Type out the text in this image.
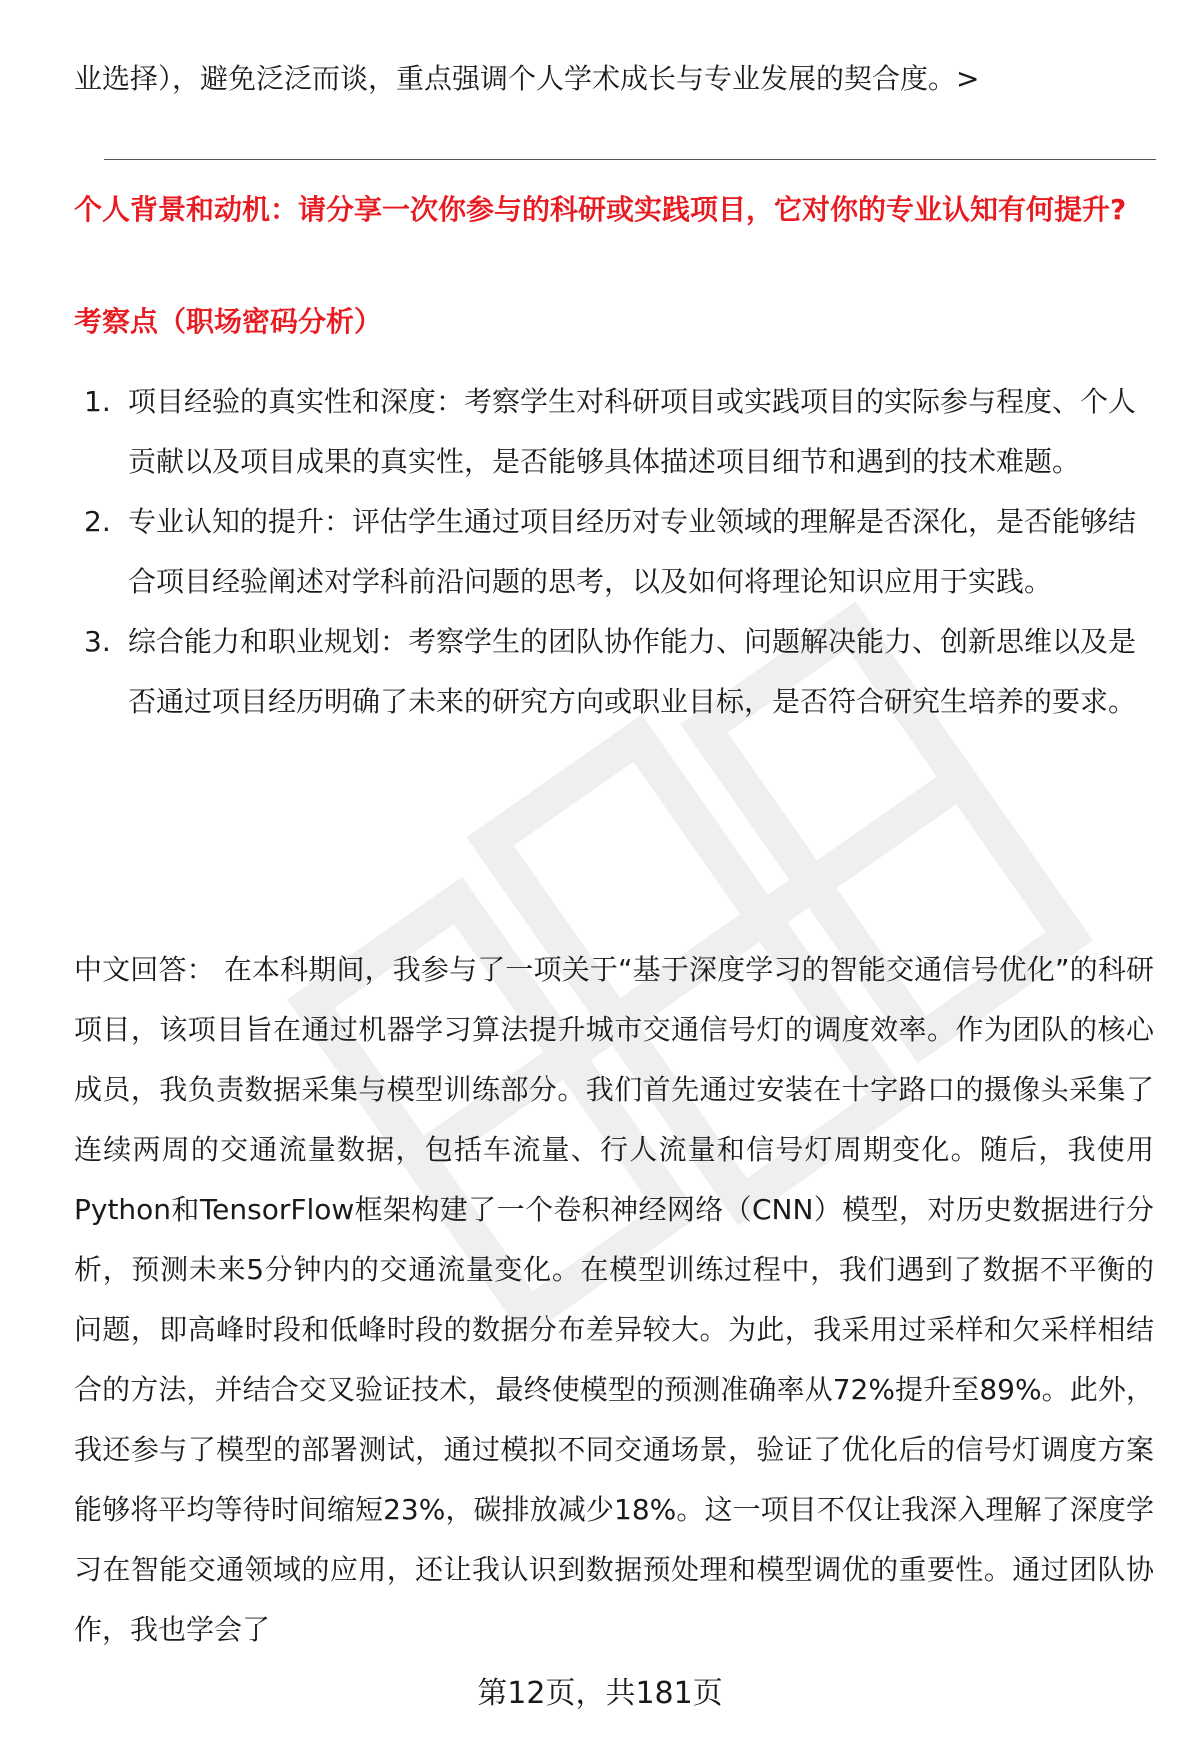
业选择），避免泛泛而谈，重点强调个人学术成长与专业发展的契合度。>
个人背景和动机：请分享一次你参与的科研或实践项目，它对你的专业认知有何提升?
考察点（职场密码分析）
1. 项目经验的真实性和深度：考察学生对科研项目或实践项目的实际参与程度、个人贡献以及项目成果的真实性，是否能够具体描述项目细节和遇到的技术难题。
2. 专业认知的提升：评估学生通过项目经历对专业领域的理解是否深化，是否能够结合项目经验阐述对学科前沿问题的思考，以及如何将理论知识应用于实践。
3. 综合能力和职业规划：考察学生的团队协作能力、问题解决能力、创新思维以及是否通过项目经历明确了未来的研究方向或职业目标，是否符合研究生培养的要求。
中文回答： 在本科期间，我参与了一项关于“基于深度学习的智能交通信号优化”的科研项目，该项目旨在通过机器学习算法提升城市交通信号灯的调度效率。作为团队的核心成员，我负责数据采集与模型训练部分。我们首先通过安装在十字路口的摄像头采集了连续两周的交通流量数据，包括车流量、行人流量和信号灯周期变化。随后，我使用Python和TensorFlow框架构建了一个卷积神经网络（CNN）模型，对历史数据进行分析，预测未来5分钟内的交通流量变化。在模型训练过程中，我们遇到了数据不平衡的问题，即高峰时段和低峰时段的数据分布差异较大。为此，我采用过采样和欠采样相结合的方法，并结合交叉验证技术，最终使模型的预测准确率从72%提升至89%。此外，我还参与了模型的部署测试，通过模拟不同交通场景，验证了优化后的信号灯调度方案能够将平均等待时间缩短23%，碳排放减少18%。这一项目不仅让我深入理解了深度学习在智能交通领域的应用，还让我认识到数据预处理和模型调优的重要性。通过团队协作，我也学会了
第12页，共181页
